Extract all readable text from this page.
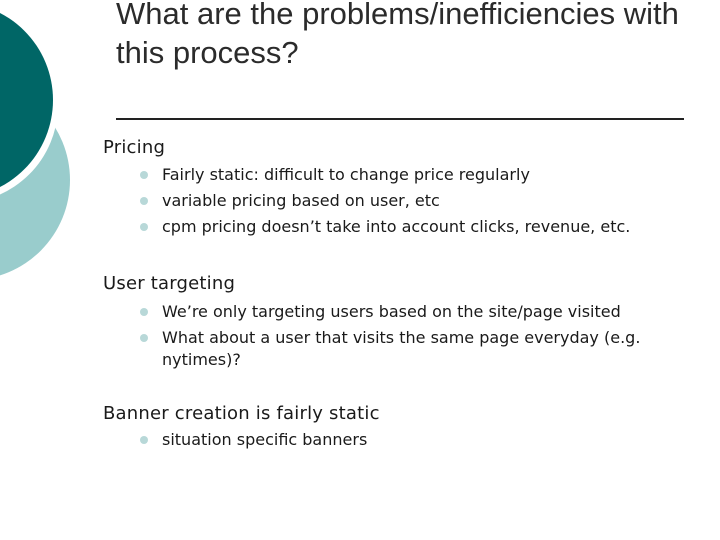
What are the problems/inefficiencies with this process?
Pricing
Fairly static: difficult to change price regularly
variable pricing based on user, etc
cpm pricing doesn’t take into account clicks, revenue, etc.
User targeting
We’re only targeting users based on the site/page visited
What about a user that visits the same page everyday (e.g. nytimes)?
Banner creation is fairly static
situation specific banners
